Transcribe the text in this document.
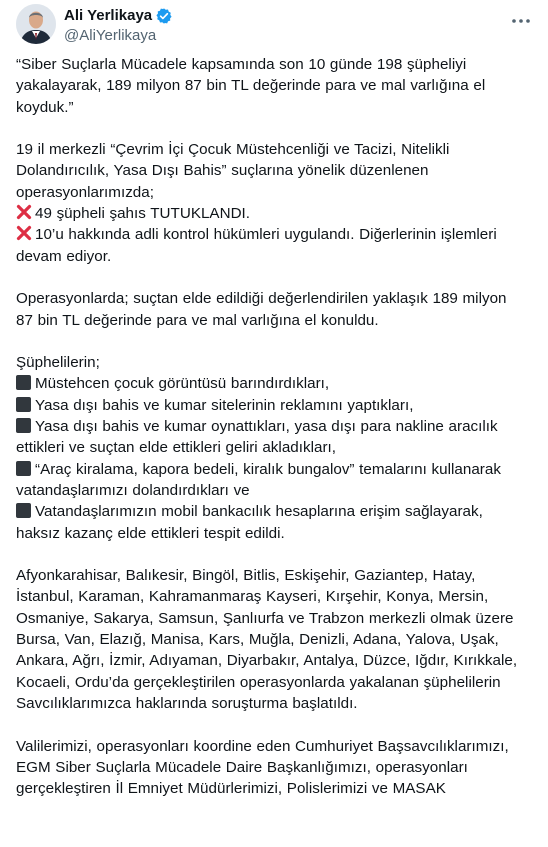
Ali Yerlikaya
@AliYerlikaya

“Siber Suçlarla Mücadele kapsamında son 10 günde 198 şüpheliyi
yakalayarak, 189 milyon 87 bin TL değerinde para ve mal varlığına el
koyduk.”

19 il merkezli “Çevrim İçi Çocuk Müstehcenliği ve Tacizi, Nitelikli
Dolandırıcılık, Yasa Dışı Bahis” suçlarına yönelik düzenlenen
operasyonlarımızda;
49 şüpheli şahıs TUTUKLANDI.
10’u hakkında adli kontrol hükümleri uygulandı. Diğerlerinin işlemleri
devam ediyor.

Operasyonlarda; suçtan elde edildiği değerlendirilen yaklaşık 189 milyon
87 bin TL değerinde para ve mal varlığına el konuldu.

Şüphelilerin;
Müstehcen çocuk görüntüsü barındırdıkları,
Yasa dışı bahis ve kumar sitelerinin reklamını yaptıkları,
Yasa dışı bahis ve kumar oynattıkları, yasa dışı para nakline aracılık
ettikleri ve suçtan elde ettikleri geliri akladıkları,
“Araç kiralama, kapora bedeli, kiralık bungalov” temalarını kullanarak
vatandaşlarımızı dolandırdıkları ve
Vatandaşlarımızın mobil bankacılık hesaplarına erişim sağlayarak,
haksız kazanç elde ettikleri tespit edildi.

Afyonkarahisar, Balıkesir, Bingöl, Bitlis, Eskişehir, Gaziantep, Hatay,
İstanbul, Karaman, Kahramanmaraş Kayseri, Kırşehir, Konya, Mersin,
Osmaniye, Sakarya, Samsun, Şanlıurfa ve Trabzon merkezli olmak üzere
Bursa, Van, Elazığ, Manisa, Kars, Muğla, Denizli, Adana, Yalova, Uşak,
Ankara, Ağrı, İzmir, Adıyaman, Diyarbakır, Antalya, Düzce, Iğdır, Kırıkkale,
Kocaeli, Ordu’da gerçekleştirilen operasyonlarda yakalanan şüphelilerin
Savcılıklarımızca haklarında soruşturma başlatıldı.

Valilerimizi, operasyonları koordine eden Cumhuriyet Başsavcılıklarımızı,
EGM Siber Suçlarla Mücadele Daire Başkanlığımızı, operasyonları
gerçekleştiren İl Emniyet Müdürlerimizi, Polislerimizi ve MASAK
